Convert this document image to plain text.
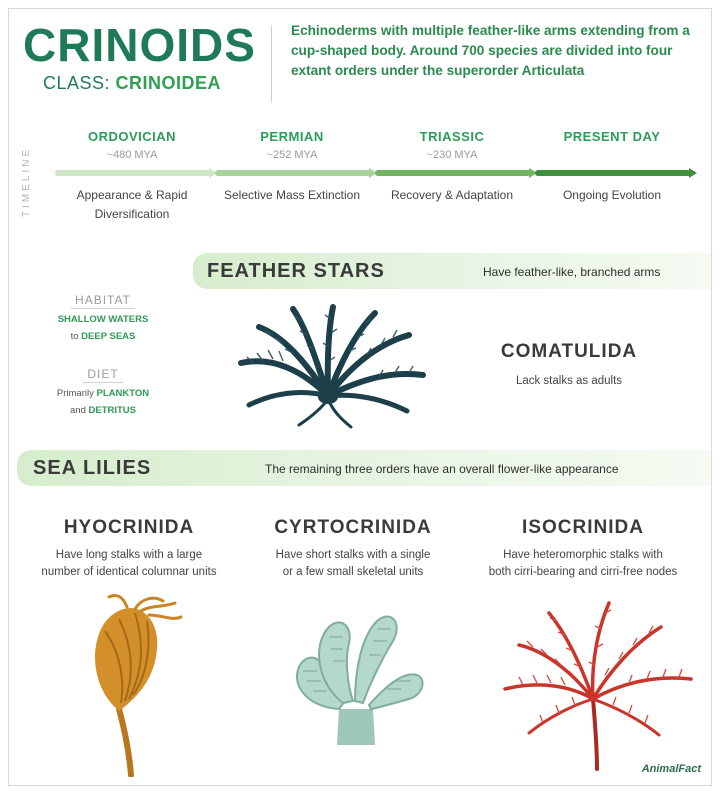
CRINOIDS
CLASS: CRINOIDEA
Echinoderms with multiple feather-like arms extending from a cup-shaped body. Around 700 species are divided into four extant orders under the superorder Articulata
TIMELINE
ORDOVICIAN
~480 MYA
Appearance & Rapid Diversification
PERMIAN
~252 MYA
Selective Mass Extinction
TRIASSIC
~230 MYA
Recovery & Adaptation
PRESENT DAY
Ongoing Evolution
FEATHER STARS	Have feather-like, branched arms
HABITAT
SHALLOW WATERS
to DEEP SEAS
DIET
Primarily PLANKTON
and DETRITUS
COMATULIDA
Lack stalks as adults
SEA LILIES	The remaining three orders have an overall flower-like appearance
HYOCRINIDA
Have long stalks with a large
number of identical columnar units
CYRTOCRINIDA
Have short stalks with a single
or a few small skeletal units
ISOCRINIDA
Have heteromorphic stalks with
both cirri-bearing and cirri-free nodes
AnimalFact
